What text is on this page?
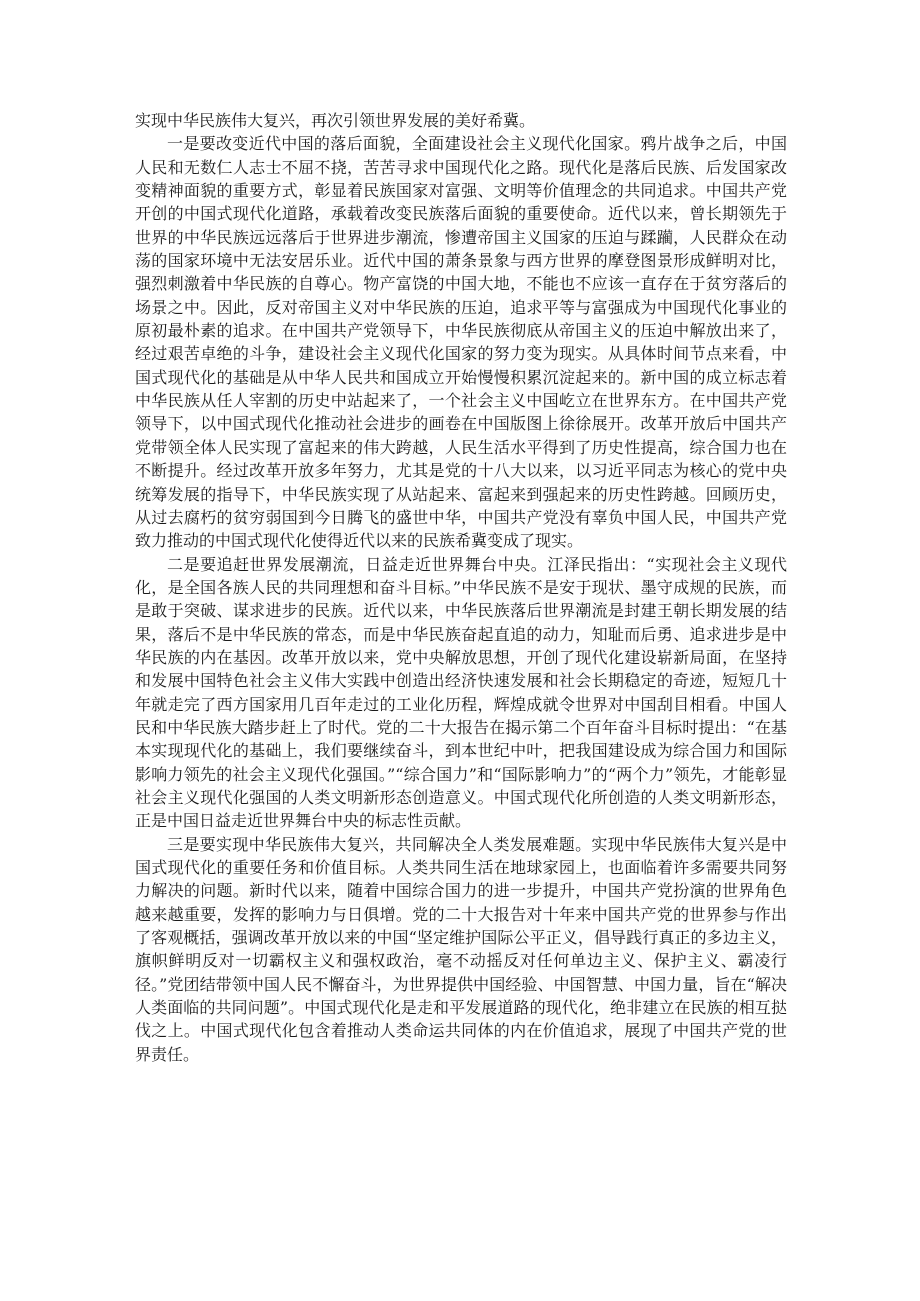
实现中华民族伟大复兴，再次引领世界发展的美好希冀。

一是要改变近代中国的落后面貌，全面建设社会主义现代化国家。鸦片战争之后，中国人民和无数仁人志士不屈不挠，苦苦寻求中国现代化之路。现代化是落后民族、后发国家改变精神面貌的重要方式，彰显着民族国家对富强、文明等价值理念的共同追求。中国共产党开创的中国式现代化道路，承载着改变民族落后面貌的重要使命。近代以来，曾长期领先于世界的中华民族远远落后于世界进步潮流，惨遭帝国主义国家的压迫与蹂躏，人民群众在动荡的国家环境中无法安居乐业。近代中国的萧条景象与西方世界的摩登图景形成鲜明对比，强烈刺激着中华民族的自尊心。物产富饶的中国大地，不能也不应该一直存在于贫穷落后的场景之中。因此，反对帝国主义对中华民族的压迫，追求平等与富强成为中国现代化事业的原初最朴素的追求。在中国共产党领导下，中华民族彻底从帝国主义的压迫中解放出来了，经过艰苦卓绝的斗争，建设社会主义现代化国家的努力变为现实。从具体时间节点来看，中国式现代化的基础是从中华人民共和国成立开始慢慢积累沉淀起来的。新中国的成立标志着中华民族从任人宰割的历史中站起来了，一个社会主义中国屹立在世界东方。在中国共产党领导下，以中国式现代化推动社会进步的画卷在中国版图上徐徐展开。改革开放后中国共产党带领全体人民实现了富起来的伟大跨越，人民生活水平得到了历史性提高，综合国力也在不断提升。经过改革开放多年努力，尤其是党的十八大以来，以习近平同志为核心的党中央统筹发展的指导下，中华民族实现了从站起来、富起来到强起来的历史性跨越。回顾历史，从过去腐朽的贫穷弱国到今日腾飞的盛世中华，中国共产党没有辜负中国人民，中国共产党致力推动的中国式现代化使得近代以来的民族希冀变成了现实。

二是要追赶世界发展潮流，日益走近世界舞台中央。江泽民指出：“实现社会主义现代化，是全国各族人民的共同理想和奋斗目标。”中华民族不是安于现状、墨守成规的民族，而是敢于突破、谋求进步的民族。近代以来，中华民族落后世界潮流是封建王朝长期发展的结果，落后不是中华民族的常态，而是中华民族奋起直追的动力，知耻而后勇、追求进步是中华民族的内在基因。改革开放以来，党中央解放思想，开创了现代化建设崭新局面，在坚持和发展中国特色社会主义伟大实践中创造出经济快速发展和社会长期稳定的奇迹，短短几十年就走完了西方国家用几百年走过的工业化历程，辉煌成就令世界对中国刮目相看。中国人民和中华民族大踏步赶上了时代。党的二十大报告在揭示第二个百年奋斗目标时提出：“在基本实现现代化的基础上，我们要继续奋斗，到本世纪中叶，把我国建设成为综合国力和国际影响力领先的社会主义现代化强国。”“综合国力”和“国际影响力”的“两个力”领先，才能彰显社会主义现代化强国的人类文明新形态创造意义。中国式现代化所创造的人类文明新形态，正是中国日益走近世界舞台中央的标志性贡献。

三是要实现中华民族伟大复兴，共同解决全人类发展难题。实现中华民族伟大复兴是中国式现代化的重要任务和价值目标。人类共同生活在地球家园上，也面临着许多需要共同努力解决的问题。新时代以来，随着中国综合国力的进一步提升，中国共产党扮演的世界角色越来越重要，发挥的影响力与日俱增。党的二十大报告对十年来中国共产党的世界参与作出了客观概括，强调改革开放以来的中国“坚定维护国际公平正义，倡导践行真正的多边主义，旗帜鲜明反对一切霸权主义和强权政治，毫不动摇反对任何单边主义、保护主义、霸凌行径。”党团结带领中国人民不懈奋斗，为世界提供中国经验、中国智慧、中国力量，旨在“解决人类面临的共同问题”。中国式现代化是走和平发展道路的现代化，绝非建立在民族的相互挞伐之上。中国式现代化包含着推动人类命运共同体的内在价值追求，展现了中国共产党的世界责任。
